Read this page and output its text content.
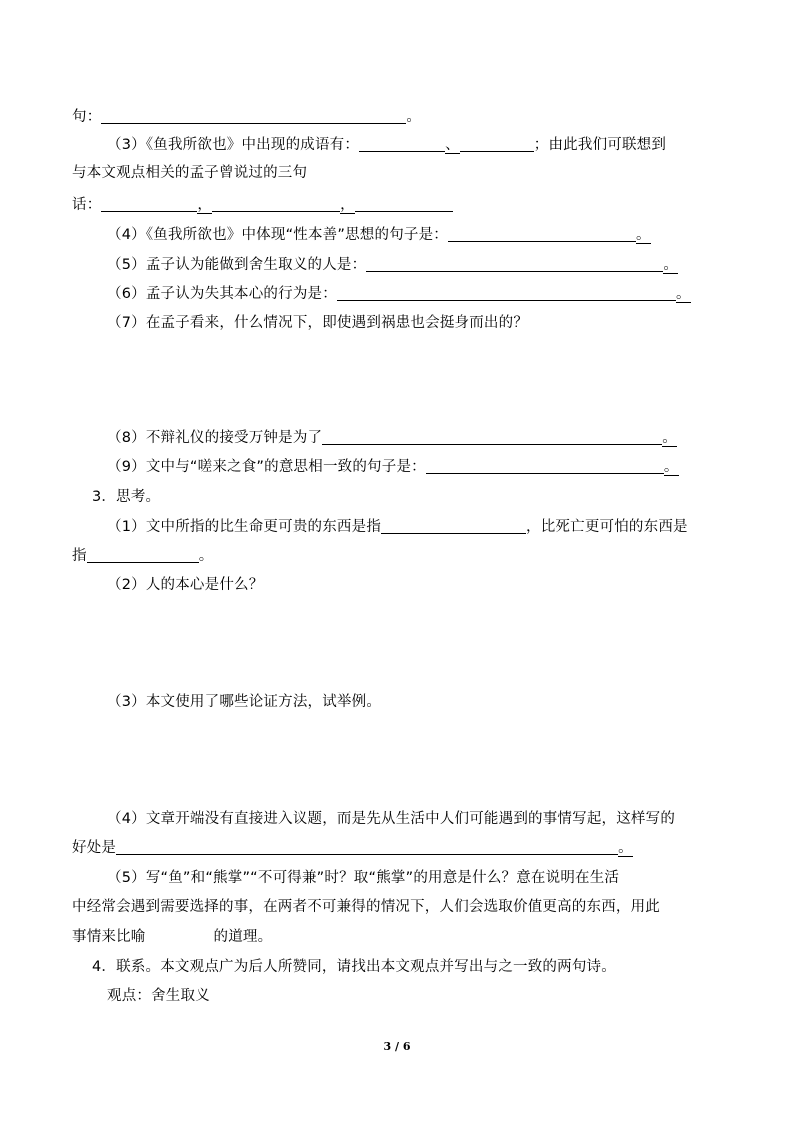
句：	。
（3）《鱼我所欲也》中出现的成语有：	、	；由此我们可联想到
与本文观点相关的孟子曾说过的三句
话：	，	，
（4）《鱼我所欲也》中体现“性本善”思想的句子是：	。
（5）孟子认为能做到舍生取义的人是：	。
（6）孟子认为失其本心的行为是：	。
（7）在孟子看来，什么情况下，即使遇到祸患也会挺身而出的？
（8）不辩礼仪的接受万钟是为了	。
（9）文中与“嗟来之食”的意思相一致的句子是：	。
3．思考。
（1）文中所指的比生命更可贵的东西是指	，比死亡更可怕的东西是
指	。
（2）人的本心是什么？
（3）本文使用了哪些论证方法，试举例。
（4）文章开端没有直接进入议题，而是先从生活中人们可能遇到的事情写起，这样写的
好处是	。
（5）写“鱼”和“熊掌”“不可得兼”时？取“熊掌”的用意是什么？意在说明在生活
中经常会遇到需要选择的事，在两者不可兼得的情况下，人们会选取价值更高的东西，用此
事情来比喻	的道理。
4．联系。本文观点广为后人所赞同，请找出本文观点并写出与之一致的两句诗。
观点：舍生取义
3 / 6
